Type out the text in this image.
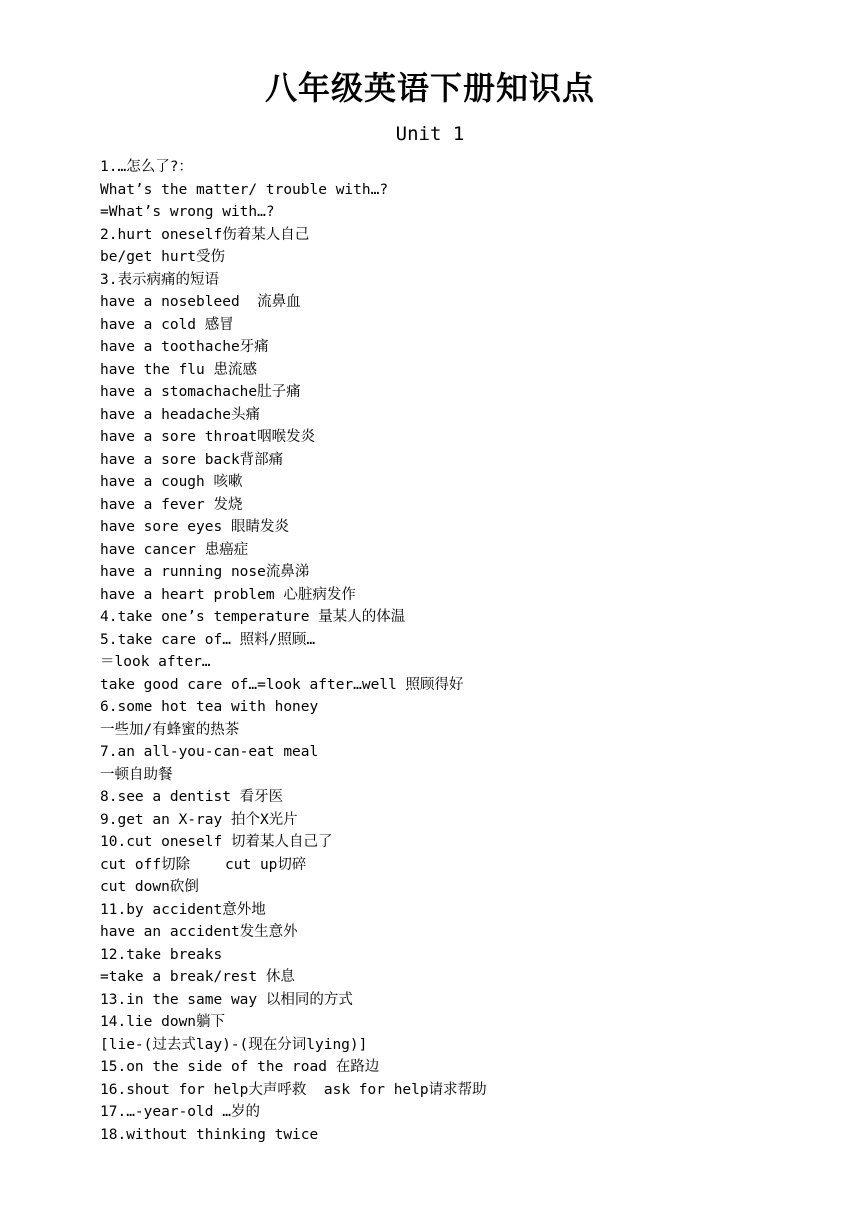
八年级英语下册知识点
Unit 1
1.…怎么了?：
What’s the matter/ trouble with…?
=What’s wrong with…?
2.hurt oneself伤着某人自己
be/get hurt受伤
3.表示病痛的短语
have a nosebleed  流鼻血
have a cold 感冒
have a toothache牙痛
have the flu 患流感
have a stomachache肚子痛
have a headache头痛
have a sore throat咽喉发炎
have a sore back背部痛
have a cough 咳嗽
have a fever 发烧
have sore eyes 眼睛发炎
have cancer 患癌症
have a running nose流鼻涕
have a heart problem 心脏病发作
4.take one’s temperature 量某人的体温
5.take care of… 照料/照顾…
＝look after…
take good care of…=look after…well 照顾得好
6.some hot tea with honey
一些加/有蜂蜜的热茶
7.an all-you-can-eat meal
一顿自助餐
8.see a dentist 看牙医
9.get an X-ray 拍个X光片
10.cut oneself 切着某人自己了
cut off切除    cut up切碎
cut down砍倒
11.by accident意外地
have an accident发生意外
12.take breaks
=take a break/rest 休息
13.in the same way 以相同的方式
14.lie down躺下
[lie-(过去式lay)-(现在分词lying)]
15.on the side of the road 在路边
16.shout for help大声呼救  ask for help请求帮助
17.…-year-old …岁的
18.without thinking twice
